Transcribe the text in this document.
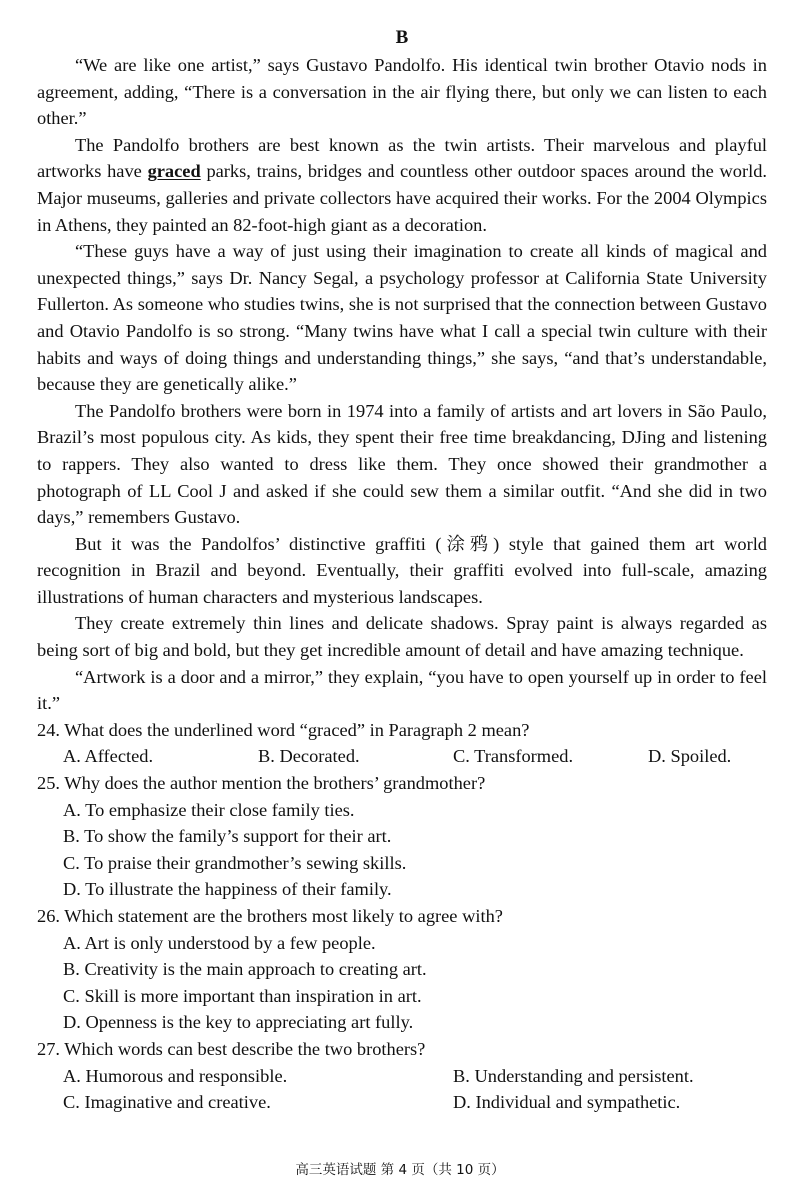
B

“We are like one artist,” says Gustavo Pandolfo. His identical twin brother Otavio nods in agreement, adding, “There is a conversation in the air flying there, but only we can listen to each other.”

The Pandolfo brothers are best known as the twin artists. Their marvelous and playful artworks have graced parks, trains, bridges and countless other outdoor spaces around the world. Major museums, galleries and private collectors have acquired their works. For the 2004 Olympics in Athens, they painted an 82-foot-high giant as a decoration.

“These guys have a way of just using their imagination to create all kinds of magical and unexpected things,” says Dr. Nancy Segal, a psychology professor at California State University Fullerton. As someone who studies twins, she is not surprised that the connection between Gustavo and Otavio Pandolfo is so strong. “Many twins have what I call a special twin culture with their habits and ways of doing things and understanding things,” she says, “and that’s understandable, because they are genetically alike.”

The Pandolfo brothers were born in 1974 into a family of artists and art lovers in São Paulo, Brazil’s most populous city. As kids, they spent their free time breakdancing, DJing and listening to rappers. They also wanted to dress like them. They once showed their grandmother a photograph of LL Cool J and asked if she could sew them a similar outfit. “And she did in two days,” remembers Gustavo.

But it was the Pandolfos’ distinctive graffiti (涂鸦) style that gained them art world recognition in Brazil and beyond. Eventually, their graffiti evolved into full-scale, amazing illustrations of human characters and mysterious landscapes.

They create extremely thin lines and delicate shadows. Spray paint is always regarded as being sort of big and bold, but they get incredible amount of detail and have amazing technique.

“Artwork is a door and a mirror,” they explain, “you have to open yourself up in order to feel it.”

24. What does the underlined word “graced” in Paragraph 2 mean?

A. Affected.	B. Decorated.	C. Transformed.	D. Spoiled.

25. Why does the author mention the brothers’ grandmother?

A. To emphasize their close family ties.
B. To show the family’s support for their art.
C. To praise their grandmother’s sewing skills.
D. To illustrate the happiness of their family.

26. Which statement are the brothers most likely to agree with?

A. Art is only understood by a few people.
B. Creativity is the main approach to creating art.
C. Skill is more important than inspiration in art.
D. Openness is the key to appreciating art fully.

27. Which words can best describe the two brothers?

A. Humorous and responsible.	B. Understanding and persistent.
C. Imaginative and creative.	D. Individual and sympathetic.
高三英语试题 第 4 页（共 10 页）
